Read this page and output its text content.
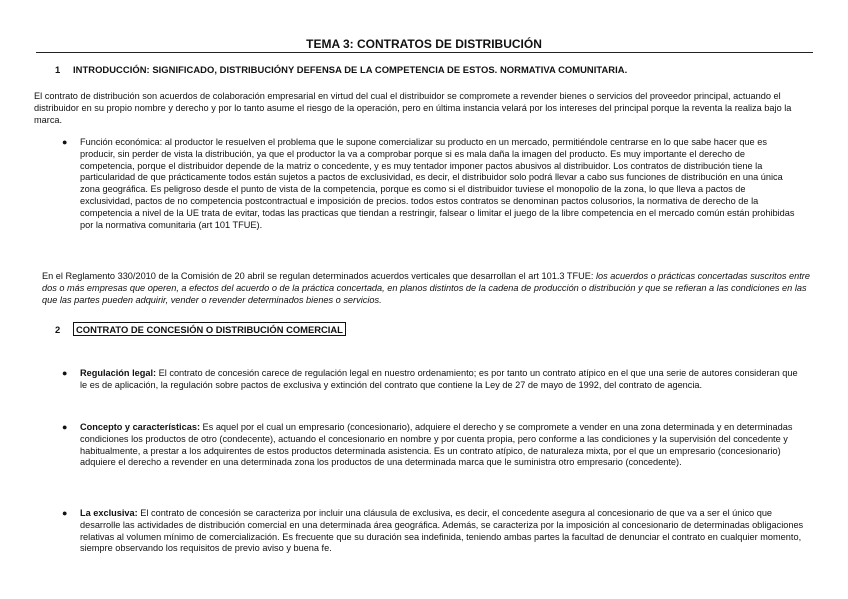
TEMA 3: CONTRATOS DE DISTRIBUCIÓN
1 INTRODUCCIÓN: SIGNIFICADO, DISTRIBUCIÓNY DEFENSA DE LA COMPETENCIA DE ESTOS. NORMATIVA COMUNITARIA.
El contrato de distribución son acuerdos de colaboración empresarial en virtud del cual el distribuidor se compromete a revender bienes o servicios del proveedor principal, actuando el distribuidor en su propio nombre y derecho y por lo tanto asume el riesgo de la operación, pero en última instancia velará por los intereses del principal porque la reventa la realiza bajo la marca.
● Función económica: al productor le resuelven el problema que le supone comercializar su producto en un mercado, permitiéndole centrarse en lo que sabe hacer que es producir, sin perder de vista la distribución, ya que el productor la va a comprobar porque si es mala daña la imagen del producto. Es muy importante el derecho de competencia, porque el distribuidor depende de la matriz o concedente, y es muy tentador imponer pactos abusivos al distribuidor. Los contratos de distribución tiene la particularidad de que prácticamente todos están sujetos a pactos de exclusividad, es decir, el distribuidor solo podrá llevar a cabo sus funciones de distribución en una única zona geográfica. Es peligroso desde el punto de vista de la competencia, porque es como si el distribuidor tuviese el monopolio de la zona, lo que lleva a pactos de exclusividad, pactos de no competencia postcontractual e imposición de precios. todos estos contratos se denominan pactos colusorios, la normativa de derecho de la competencia a nivel de la UE trata de evitar, todas las practicas que tiendan a restringir, falsear o limitar el juego de la libre competencia en el mercado común están prohibidas por la normativa comunitaria (art 101 TFUE).
En el Reglamento 330/2010 de la Comisión de 20 abril se regulan determinados acuerdos verticales que desarrollan el art 101.3 TFUE: los acuerdos o prácticas concertadas suscritos entre dos o más empresas que operen, a efectos del acuerdo o de la práctica concertada, en planos distintos de la cadena de producción o distribución y que se refieran a las condiciones en las que las partes pueden adquirir, vender o revender determinados bienes o servicios.
2 CONTRATO DE CONCESIÓN O DISTRIBUCIÓN COMERCIAL
● Regulación legal: El contrato de concesión carece de regulación legal en nuestro ordenamiento; es por tanto un contrato atípico en el que una serie de autores consideran que le es de aplicación, la regulación sobre pactos de exclusiva y extinción del contrato que contiene la Ley de 27 de mayo de 1992, del contrato de agencia.
● Concepto y características: Es aquel por el cual un empresario (concesionario), adquiere el derecho y se compromete a vender en una zona determinada y en determinadas condiciones los productos de otro (condecente), actuando el concesionario en nombre y por cuenta propia, pero conforme a las condiciones y la supervisión del concedente y habitualmente, a prestar a los adquirentes de estos productos determinada asistencia. Es un contrato atípico, de naturaleza mixta, por el que un empresario (concesionario) adquiere el derecho a revender en una determinada zona los productos de una determinada marca que le suministra otro empresario (concedente).
● La exclusiva: El contrato de concesión se caracteriza por incluir una cláusula de exclusiva, es decir, el concedente asegura al concesionario de que va a ser el único que desarrolle las actividades de distribución comercial en una determinada área geográfica. Además, se caracteriza por la imposición al concesionario de determinadas obligaciones relativas al volumen mínimo de comercialización. Es frecuente que su duración sea indefinida, teniendo ambas partes la facultad de denunciar el contrato en cualquier momento, siempre observando los requisitos de previo aviso y buena fe.
